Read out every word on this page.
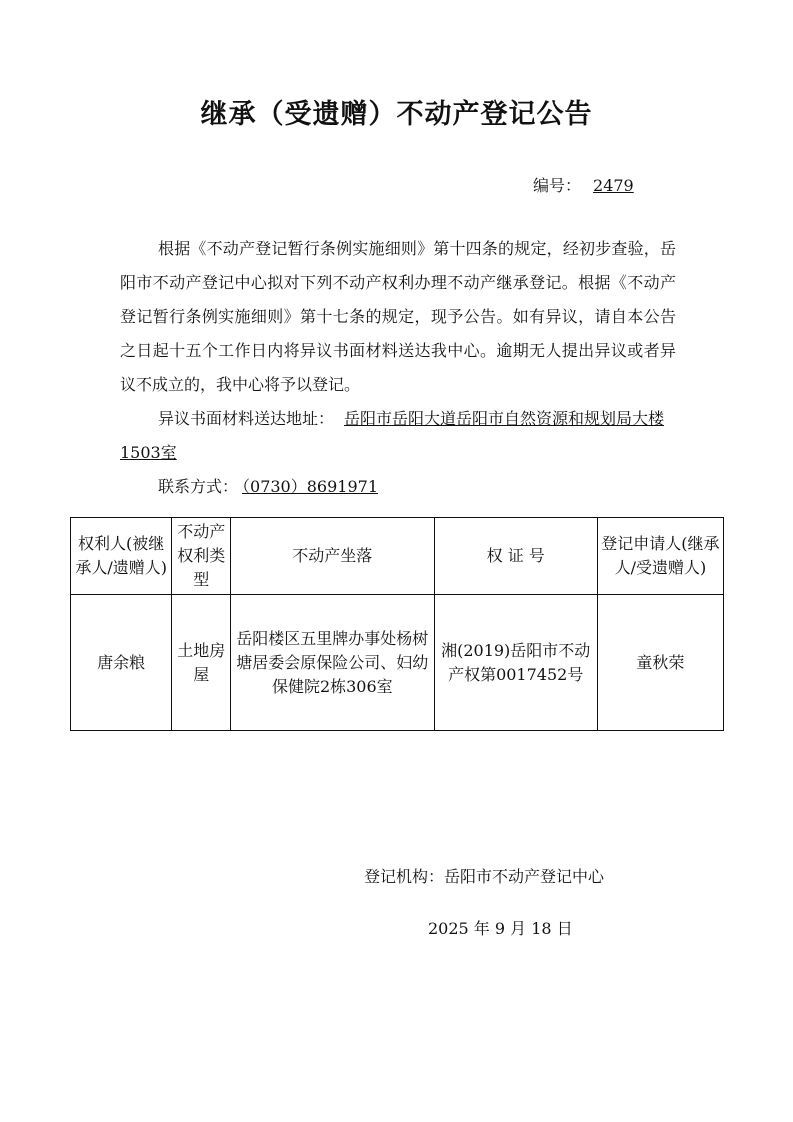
继承（受遗赠）不动产登记公告
编号： 2479

根据《不动产登记暂行条例实施细则》第十四条的规定，经初步查验，岳阳市不动产登记中心拟对下列不动产权利办理不动产继承登记。根据《不动产登记暂行条例实施细则》第十七条的规定，现予公告。如有异议，请自本公告之日起十五个工作日内将异议书面材料送达我中心。逾期无人提出异议或者异议不成立的，我中心将予以登记。

异议书面材料送达地址： 岳阳市岳阳大道岳阳市自然资源和规划局大楼1503室
联系方式： （0730）8691971
权利人(被继承人/遗赠人)	不动产权利类型	不动产坐落	权 证 号	登记申请人(继承人/受遗赠人)
唐余粮	土地房屋	岳阳楼区五里牌办事处杨树塘居委会原保险公司、妇幼保健院2栋306室	湘(2019)岳阳市不动产权第0017452号	童秋荣
登记机构：岳阳市不动产登记中心
2025 年 9 月 18 日
